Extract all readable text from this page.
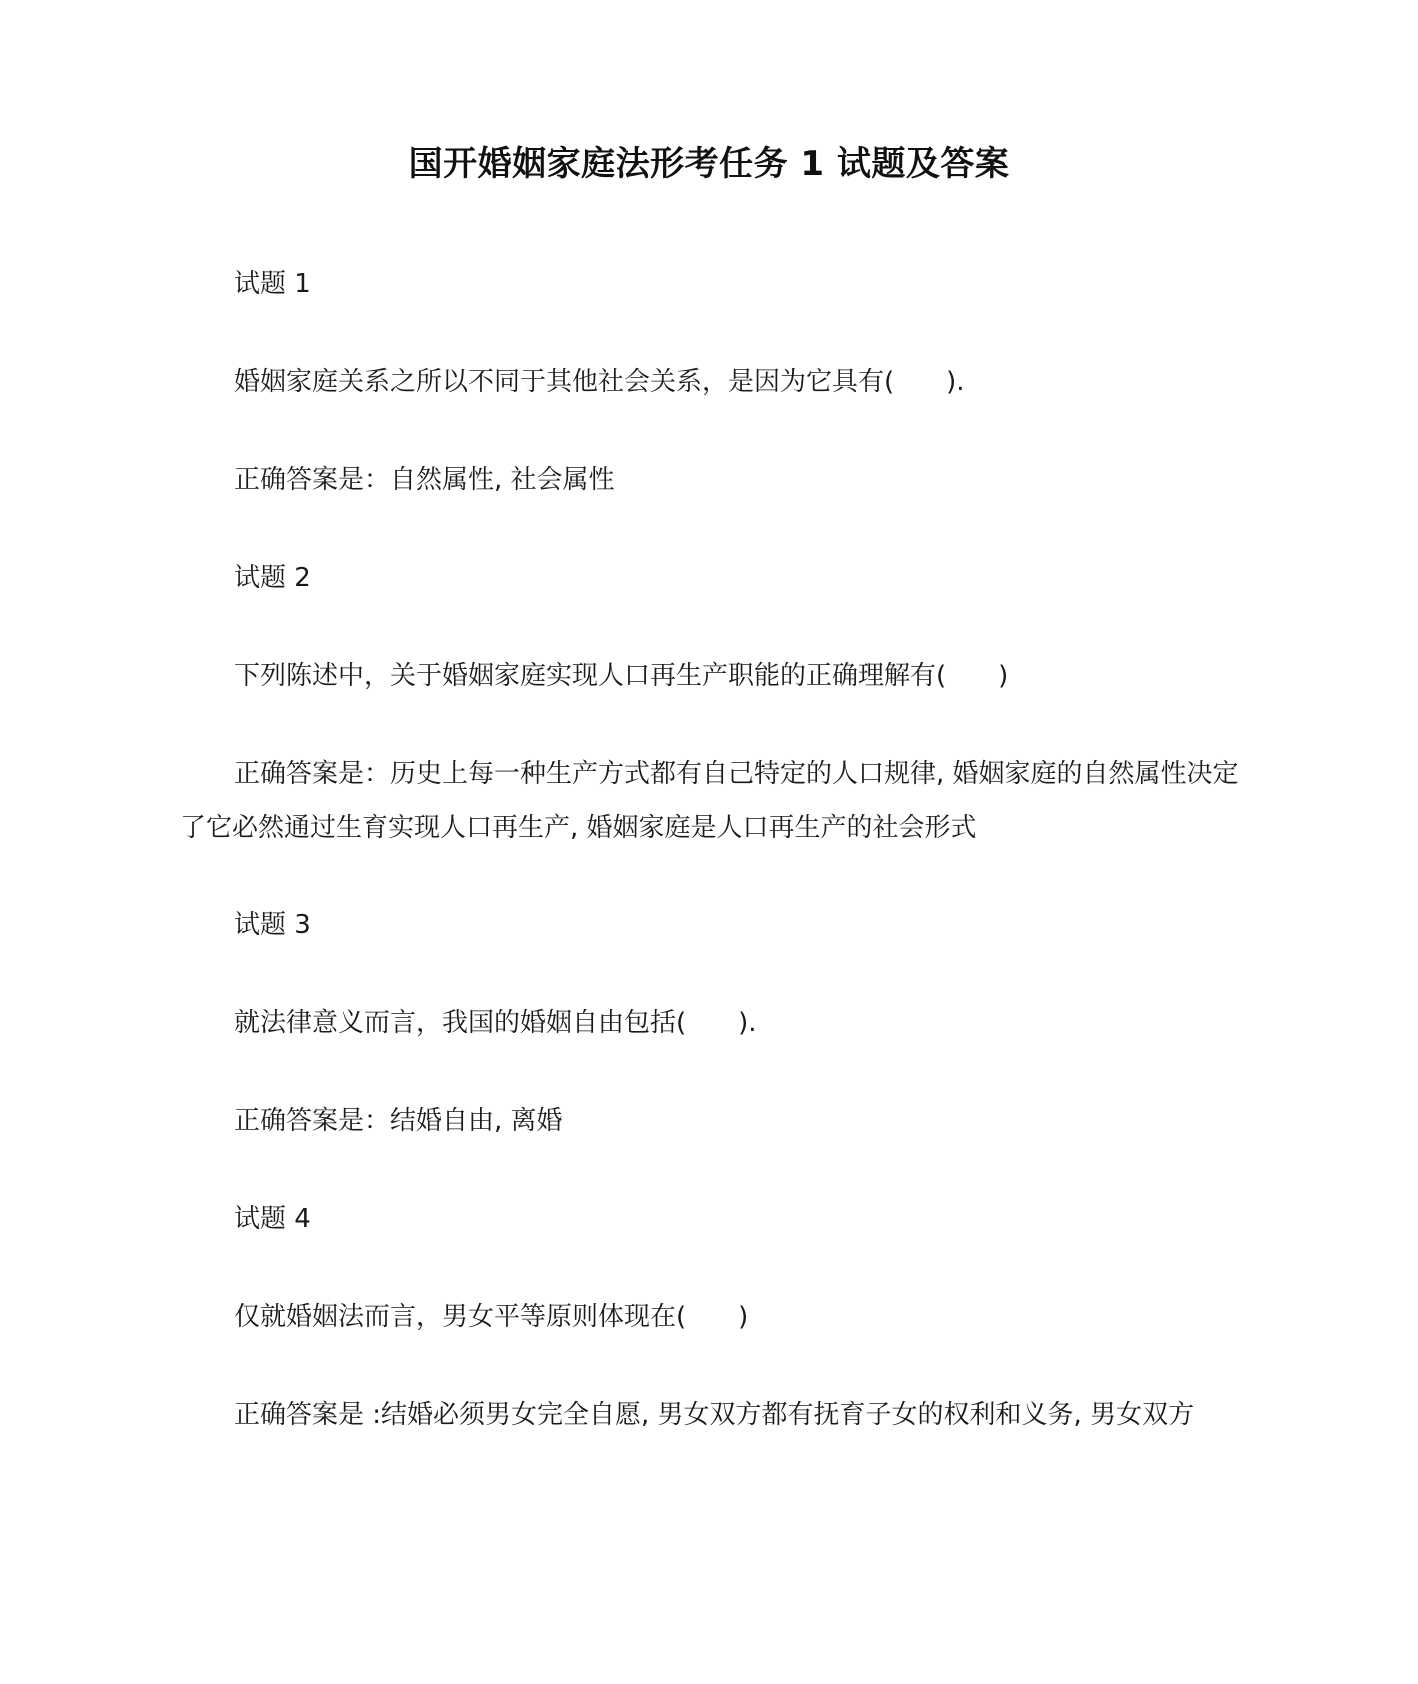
国开婚姻家庭法形考任务 1 试题及答案

试题 1

婚姻家庭关系之所以不同于其他社会关系，是因为它具有(　　).

正确答案是：自然属性, 社会属性

试题 2

下列陈述中，关于婚姻家庭实现人口再生产职能的正确理解有(　　)

正确答案是：历史上每一种生产方式都有自己特定的人口规律, 婚姻家庭的自然属性决定了它必然通过生育实现人口再生产, 婚姻家庭是人口再生产的社会形式

试题 3

就法律意义而言，我国的婚姻自由包括(　　).

正确答案是：结婚自由, 离婚

试题 4

仅就婚姻法而言，男女平等原则体现在(　　)

正确答案是 :结婚必须男女完全自愿, 男女双方都有抚育子女的权利和义务, 男女双方
